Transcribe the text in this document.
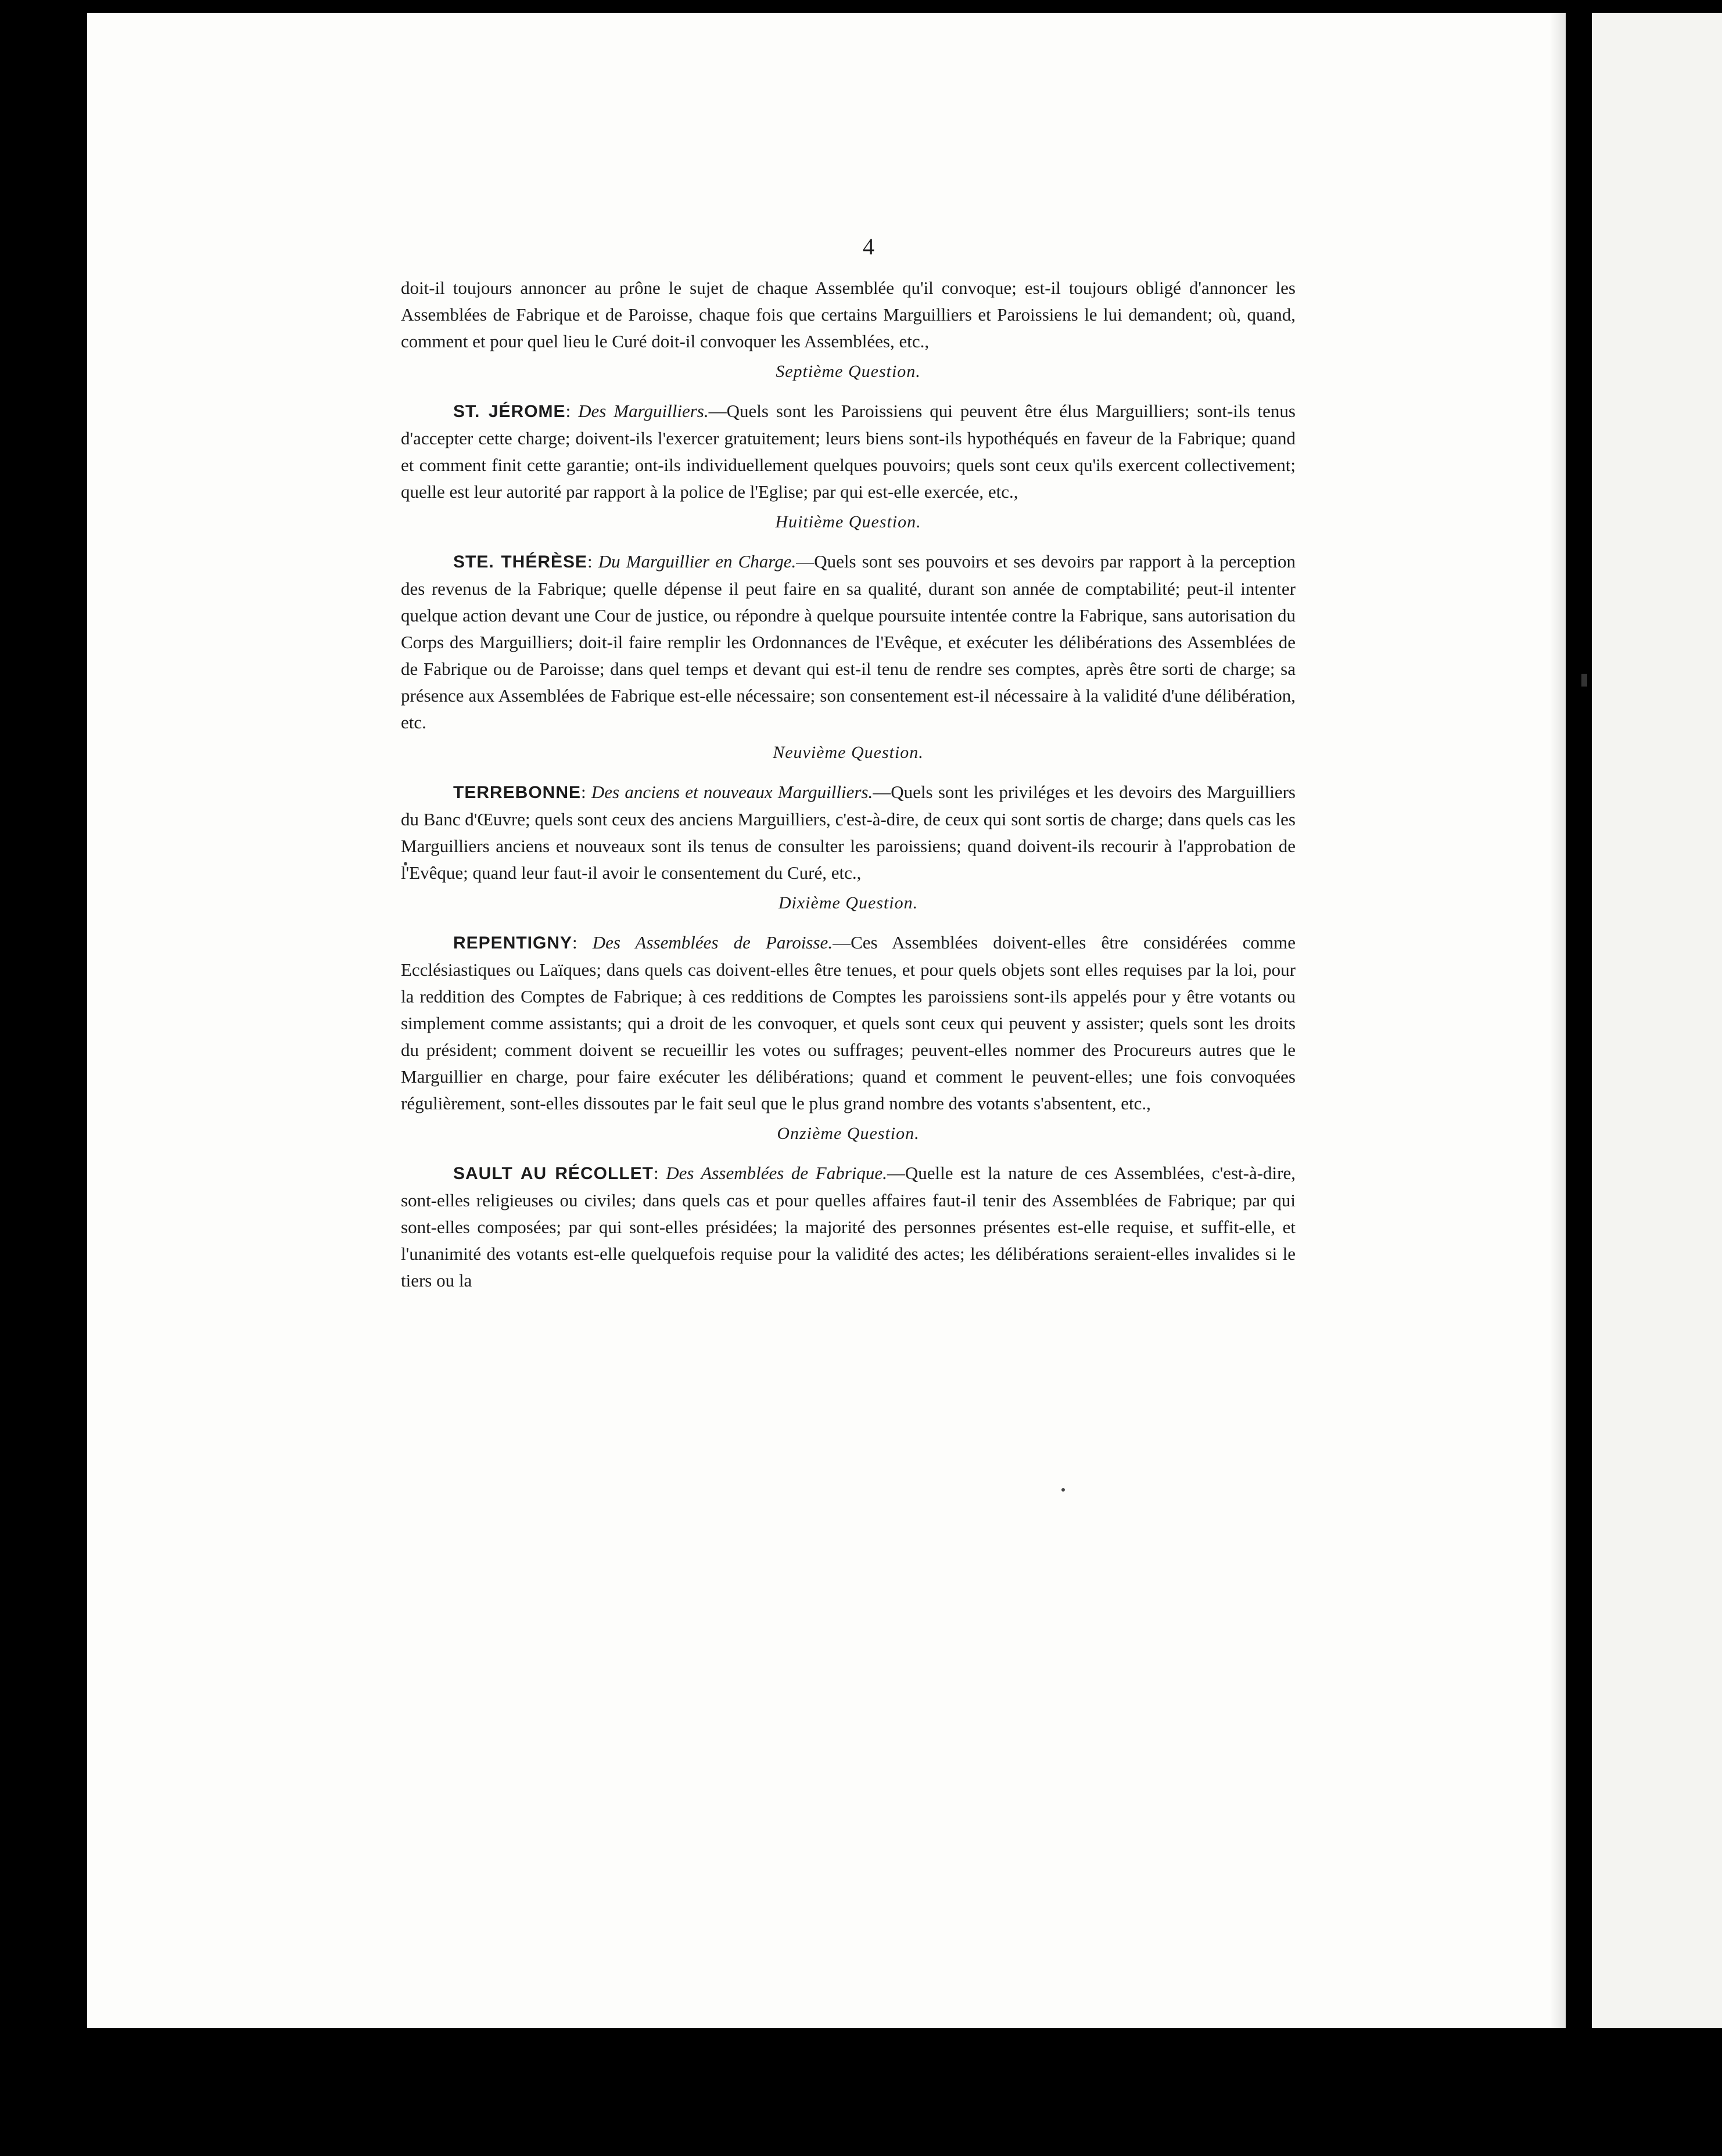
4

doit-il toujours annoncer au prône le sujet de chaque Assemblée qu'il convoque; est-il toujours obligé d'annoncer les Assemblées de Fabrique et de Paroisse, chaque fois que certains Marguilliers et Paroissiens le lui demandent; où, quand, comment et pour quel lieu le Curé doit-il convoquer les Assemblées, etc.,

Septième Question.

ST. JÉROME: Des Marguilliers.—Quels sont les Paroissiens qui peuvent être élus Marguilliers; sont-ils tenus d'accepter cette charge; doivent-ils l'exercer gratuitement; leurs biens sont-ils hypothéqués en faveur de la Fabrique; quand et comment finit cette garantie; ont-ils individuellement quelques pouvoirs; quels sont ceux qu'ils exercent collectivement; quelle est leur autorité par rapport à la police de l'Eglise; par qui est-elle exercée, etc.,

Huitième Question.

STE. THÉRÈSE: Du Marguillier en Charge.—Quels sont ses pouvoirs et ses devoirs par rapport à la perception des revenus de la Fabrique; quelle dépense il peut faire en sa qualité, durant son année de comptabilité; peut-il intenter quelque action devant une Cour de justice, ou répondre à quelque poursuite intentée contre la Fabrique, sans autorisation du Corps des Marguilliers; doit-il faire remplir les Ordonnances de l'Evêque, et exécuter les délibérations des Assemblées de de Fabrique ou de Paroisse; dans quel temps et devant qui est-il tenu de rendre ses comptes, après être sorti de charge; sa présence aux Assemblées de Fabrique est-elle nécessaire; son consentement est-il nécessaire à la validité d'une délibération, etc.

Neuvième Question.

TERREBONNE: Des anciens et nouveaux Marguilliers.—Quels sont les priviléges et les devoirs des Marguilliers du Banc d'Œuvre; quels sont ceux des anciens Marguilliers, c'est-à-dire, de ceux qui sont sortis de charge; dans quels cas les Marguilliers anciens et nouveaux sont ils tenus de consulter les paroissiens; quand doivent-ils recourir à l'approbation de l'Evêque; quand leur faut-il avoir le consentement du Curé, etc.,

Dixième Question.

REPENTIGNY: Des Assemblées de Paroisse.—Ces Assemblées doivent-elles être considérées comme Ecclésiastiques ou Laïques; dans quels cas doivent-elles être tenues, et pour quels objets sont elles requises par la loi, pour la reddition des Comptes de Fabrique; à ces redditions de Comptes les paroissiens sont-ils appelés pour y être votants ou simplement comme assistants; qui a droit de les convoquer, et quels sont ceux qui peuvent y assister; quels sont les droits du président; comment doivent se recueillir les votes ou suffrages; peuvent-elles nommer des Procureurs autres que le Marguillier en charge, pour faire exécuter les délibérations; quand et comment le peuvent-elles; une fois convoquées régulièrement, sont-elles dissoutes par le fait seul que le plus grand nombre des votants s'absentent, etc.,

Onzième Question.

SAULT AU RÉCOLLET: Des Assemblées de Fabrique.—Quelle est la nature de ces Assemblées, c'est-à-dire, sont-elles religieuses ou civiles; dans quels cas et pour quelles affaires faut-il tenir des Assemblées de Fabrique; par qui sont-elles composées; par qui sont-elles présidées; la majorité des personnes présentes est-elle requise, et suffit-elle, et l'unanimité des votants est-elle quelquefois requise pour la validité des actes; les délibérations seraient-elles invalides si le tiers ou la
